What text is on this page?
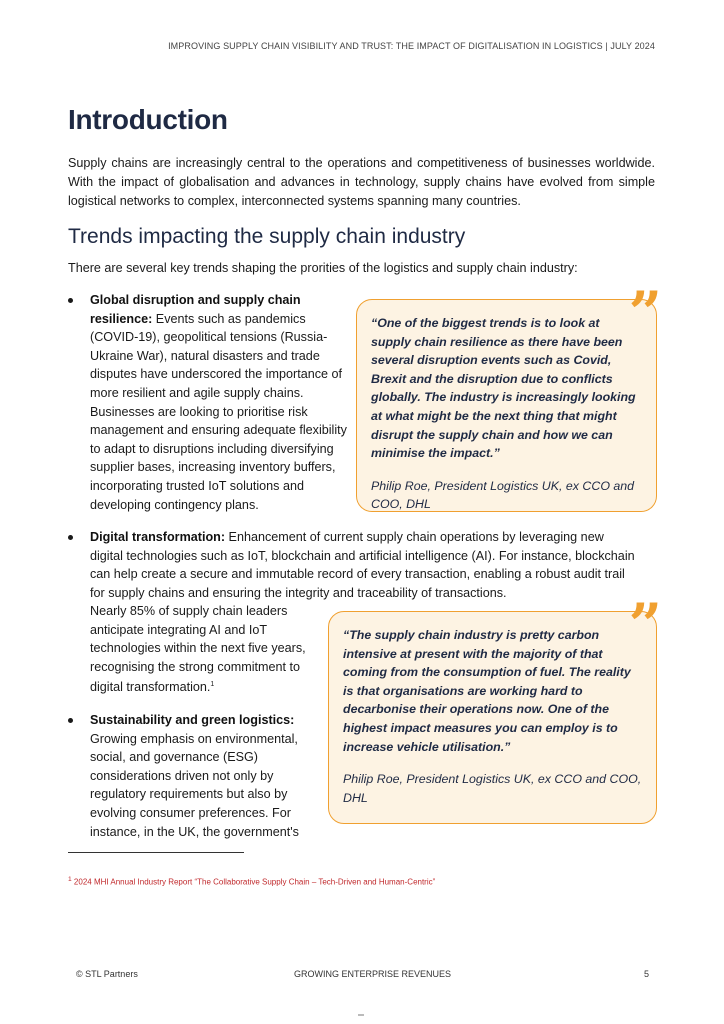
IMPROVING SUPPLY CHAIN VISIBILITY AND TRUST: THE IMPACT OF DIGITALISATION IN LOGISTICS | JULY 2024
Introduction

Supply chains are increasingly central to the operations and competitiveness of businesses worldwide. With the impact of globalisation and advances in technology, supply chains have evolved from simple logistical networks to complex, interconnected systems spanning many countries.

Trends impacting the supply chain industry

There are several key trends shaping the prorities of the logistics and supply chain industry:

Global disruption and supply chain resilience: Events such as pandemics (COVID-19), geopolitical tensions (Russia-Ukraine War), natural disasters and trade disputes have underscored the importance of more resilient and agile supply chains. Businesses are looking to prioritise risk management and ensuring adequate flexibility to adapt to disruptions including diversifying supplier bases, increasing inventory buffers, incorporating trusted IoT solutions and developing contingency plans.

”

“One of the biggest trends is to look at supply chain resilience as there have been several disruption events such as Covid, Brexit and the disruption due to conflicts globally. The industry is increasingly looking at what might be the next thing that might disrupt the supply chain and how we can minimise the impact.”

Philip Roe, President Logistics UK, ex CCO and COO, DHL

Digital transformation: Enhancement of current supply chain operations by leveraging new digital technologies such as IoT, blockchain and artificial intelligence (AI). For instance, blockchain can help create a secure and immutable record of every transaction, enabling a robust audit trail for supply chains and ensuring the integrity and traceability of transactions.

Nearly 85% of supply chain leaders anticipate integrating AI and IoT technologies within the next five years, recognising the strong commitment to digital transformation.$^1$

Sustainability and green logistics: Growing emphasis on environmental, social, and governance (ESG) considerations driven not only by regulatory requirements but also by evolving consumer preferences. For instance, in the UK, the government's

”

“The supply chain industry is pretty carbon intensive at present with the majority of that coming from the consumption of fuel. The reality is that organisations are working hard to decarbonise their operations now. One of the highest impact measures you can employ is to increase vehicle utilisation.”

Philip Roe, President Logistics UK, ex CCO and COO, DHL

$^1$ 2024 MHI Annual Industry Report “The Collaborative Supply Chain – Tech-Driven and Human-Centric”

© STL Partners	GROWING ENTERPRISE REVENUES	5
